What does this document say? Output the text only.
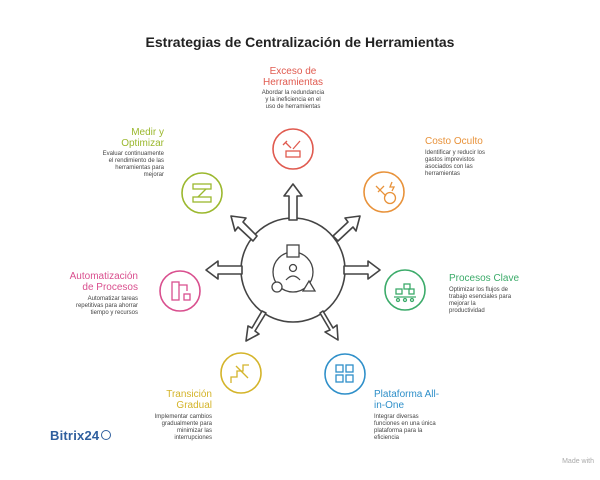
Estrategias de Centralización de Herramientas
Exceso de
Herramientas
Abordar la redundancia
y la ineficiencia en el
uso de herramientas
Costo Oculto
Identificar y reducir los
gastos imprevistos
asociados con las
herramientas
Procesos Clave
Optimizar los flujos de
trabajo esenciales para
mejorar la
productividad
Plataforma All-
in-One
Integrar diversas
funciones en una única
plataforma para la
eficiencia
Transición
Gradual
Implementar cambios
gradualmente para
minimizar las
interrupciones
Automatización
de Procesos
Automatizar tareas
repetitivas para ahorrar
tiempo y recursos
Medir y
Optimizar
Evaluar continuamente
el rendimiento de las
herramientas para
mejorar
Bitrix24
Made with
